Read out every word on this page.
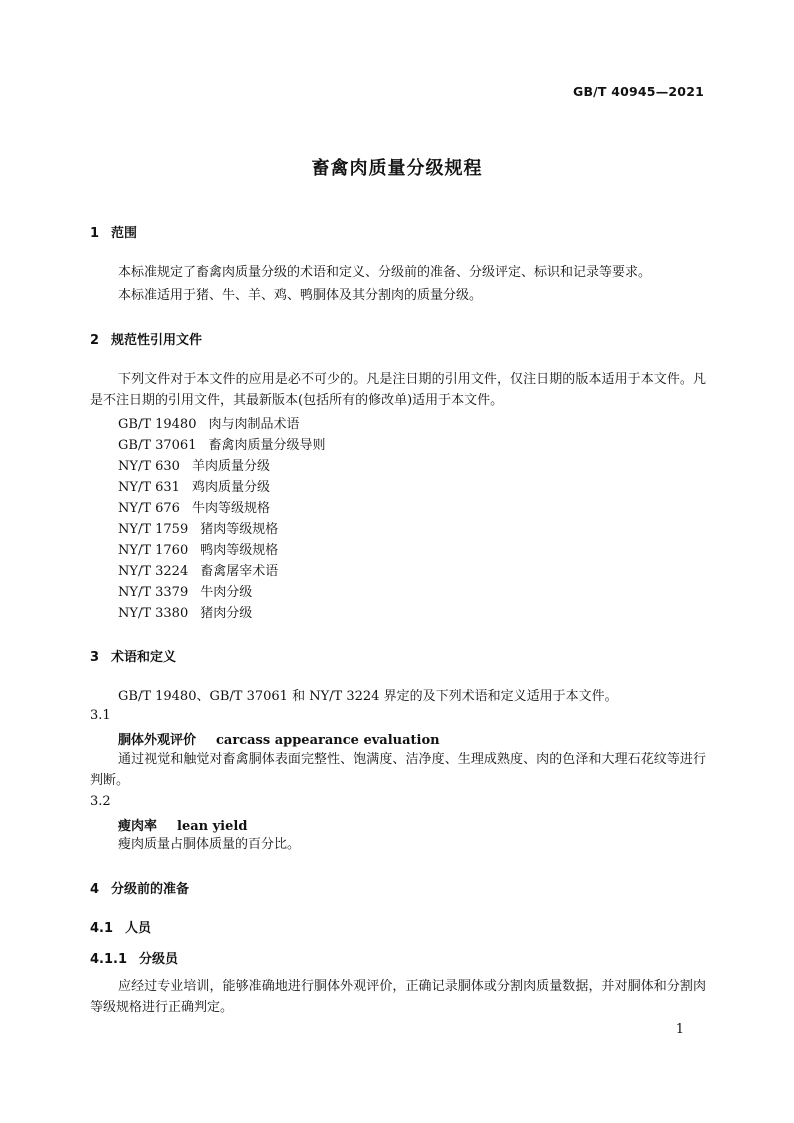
GB/T 40945—2021
畜禽肉质量分级规程
1 范围
本标准规定了畜禽肉质量分级的术语和定义、分级前的准备、分级评定、标识和记录等要求。
本标准适用于猪、牛、羊、鸡、鸭胴体及其分割肉的质量分级。
2 规范性引用文件
下列文件对于本文件的应用是必不可少的。凡是注日期的引用文件，仅注日期的版本适用于本文件。凡是不注日期的引用文件，其最新版本(包括所有的修改单)适用于本文件。
GB/T 19480 肉与肉制品术语
GB/T 37061 畜禽肉质量分级导则
NY/T 630 羊肉质量分级
NY/T 631 鸡肉质量分级
NY/T 676 牛肉等级规格
NY/T 1759 猪肉等级规格
NY/T 1760 鸭肉等级规格
NY/T 3224 畜禽屠宰术语
NY/T 3379 牛肉分级
NY/T 3380 猪肉分级
3 术语和定义
GB/T 19480、GB/T 37061 和 NY/T 3224 界定的及下列术语和定义适用于本文件。
3.1
胴体外观评价 carcass appearance evaluation
通过视觉和触觉对畜禽胴体表面完整性、饱满度、洁净度、生理成熟度、肉的色泽和大理石花纹等进行判断。
3.2
瘦肉率 lean yield
瘦肉质量占胴体质量的百分比。
4 分级前的准备
4.1 人员
4.1.1 分级员
应经过专业培训，能够准确地进行胴体外观评价，正确记录胴体或分割肉质量数据，并对胴体和分割肉等级规格进行正确判定。
1
